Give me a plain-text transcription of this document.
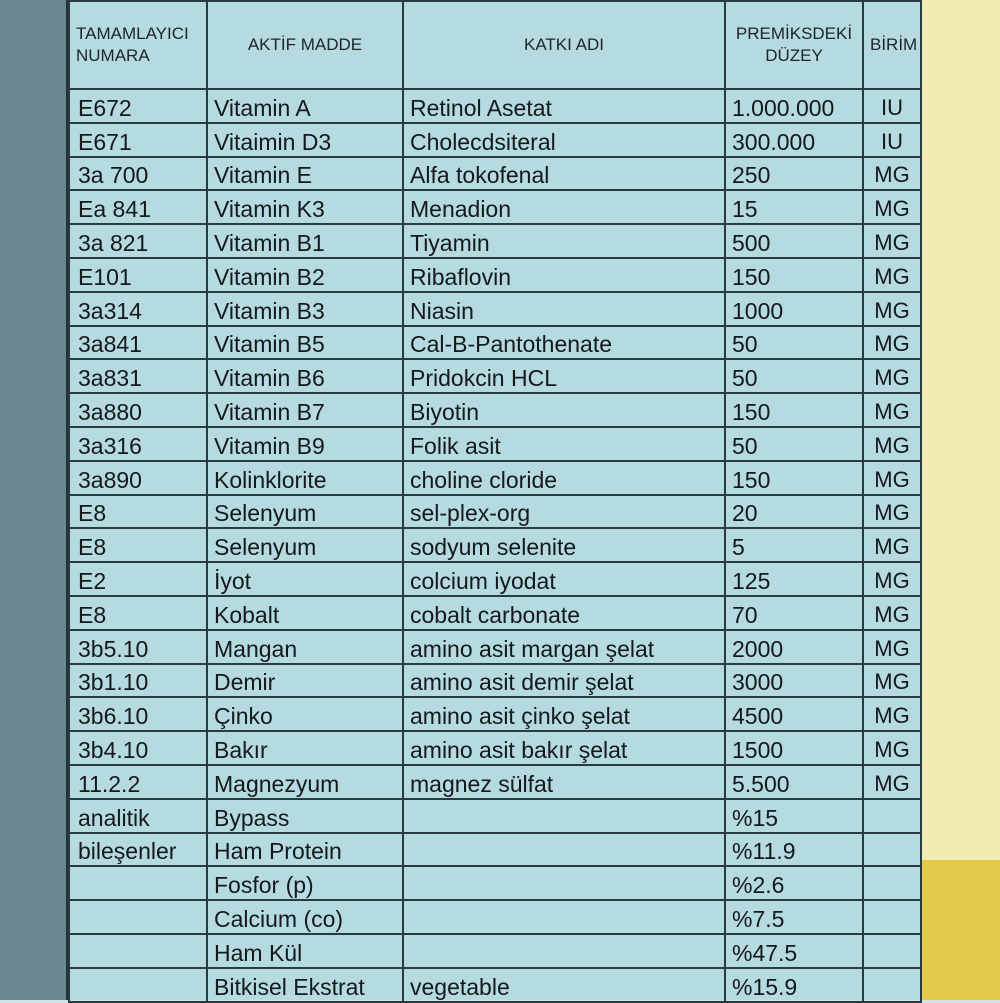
TAMAMLAYICI NUMARA	AKTİF MADDE	KATKI ADI	PREMİKSDEKİ DÜZEY	BİRİM
E672	Vitamin A	Retinol Asetat	1.000.000	IU
E671	Vitaimin D3	Cholecdsiteral	300.000	IU
3a 700	Vitamin E	Alfa tokofenal	250	MG
Ea 841	Vitamin K3	Menadion	15	MG
3a 821	Vitamin B1	Tiyamin	500	MG
E101	Vitamin B2	Ribaflovin	150	MG
3a314	Vitamin B3	Niasin	1000	MG
3a841	Vitamin B5	Cal-B-Pantothenate	50	MG
3a831	Vitamin B6	Pridokcin HCL	50	MG
3a880	Vitamin B7	Biyotin	150	MG
3a316	Vitamin B9	Folik asit	50	MG
3a890	Kolinklorite	choline cloride	150	MG
E8	Selenyum	sel-plex-org	20	MG
E8	Selenyum	sodyum selenite	5	MG
E2	İyot	colcium iyodat	125	MG
E8	Kobalt	cobalt carbonate	70	MG
3b5.10	Mangan	amino asit margan şelat	2000	MG
3b1.10	Demir	amino asit demir şelat	3000	MG
3b6.10	Çinko	amino asit çinko şelat	4500	MG
3b4.10	Bakır	amino asit bakır şelat	1500	MG
11.2.2	Magnezyum	magnez sülfat	5.500	MG
analitik	Bypass		%15	
bileşenler	Ham Protein		%11.9	
	Fosfor (p)		%2.6	
	Calcium (co)		%7.5	
	Ham Kül		%47.5	
	Bitkisel Ekstrat	vegetable	%15.9	
